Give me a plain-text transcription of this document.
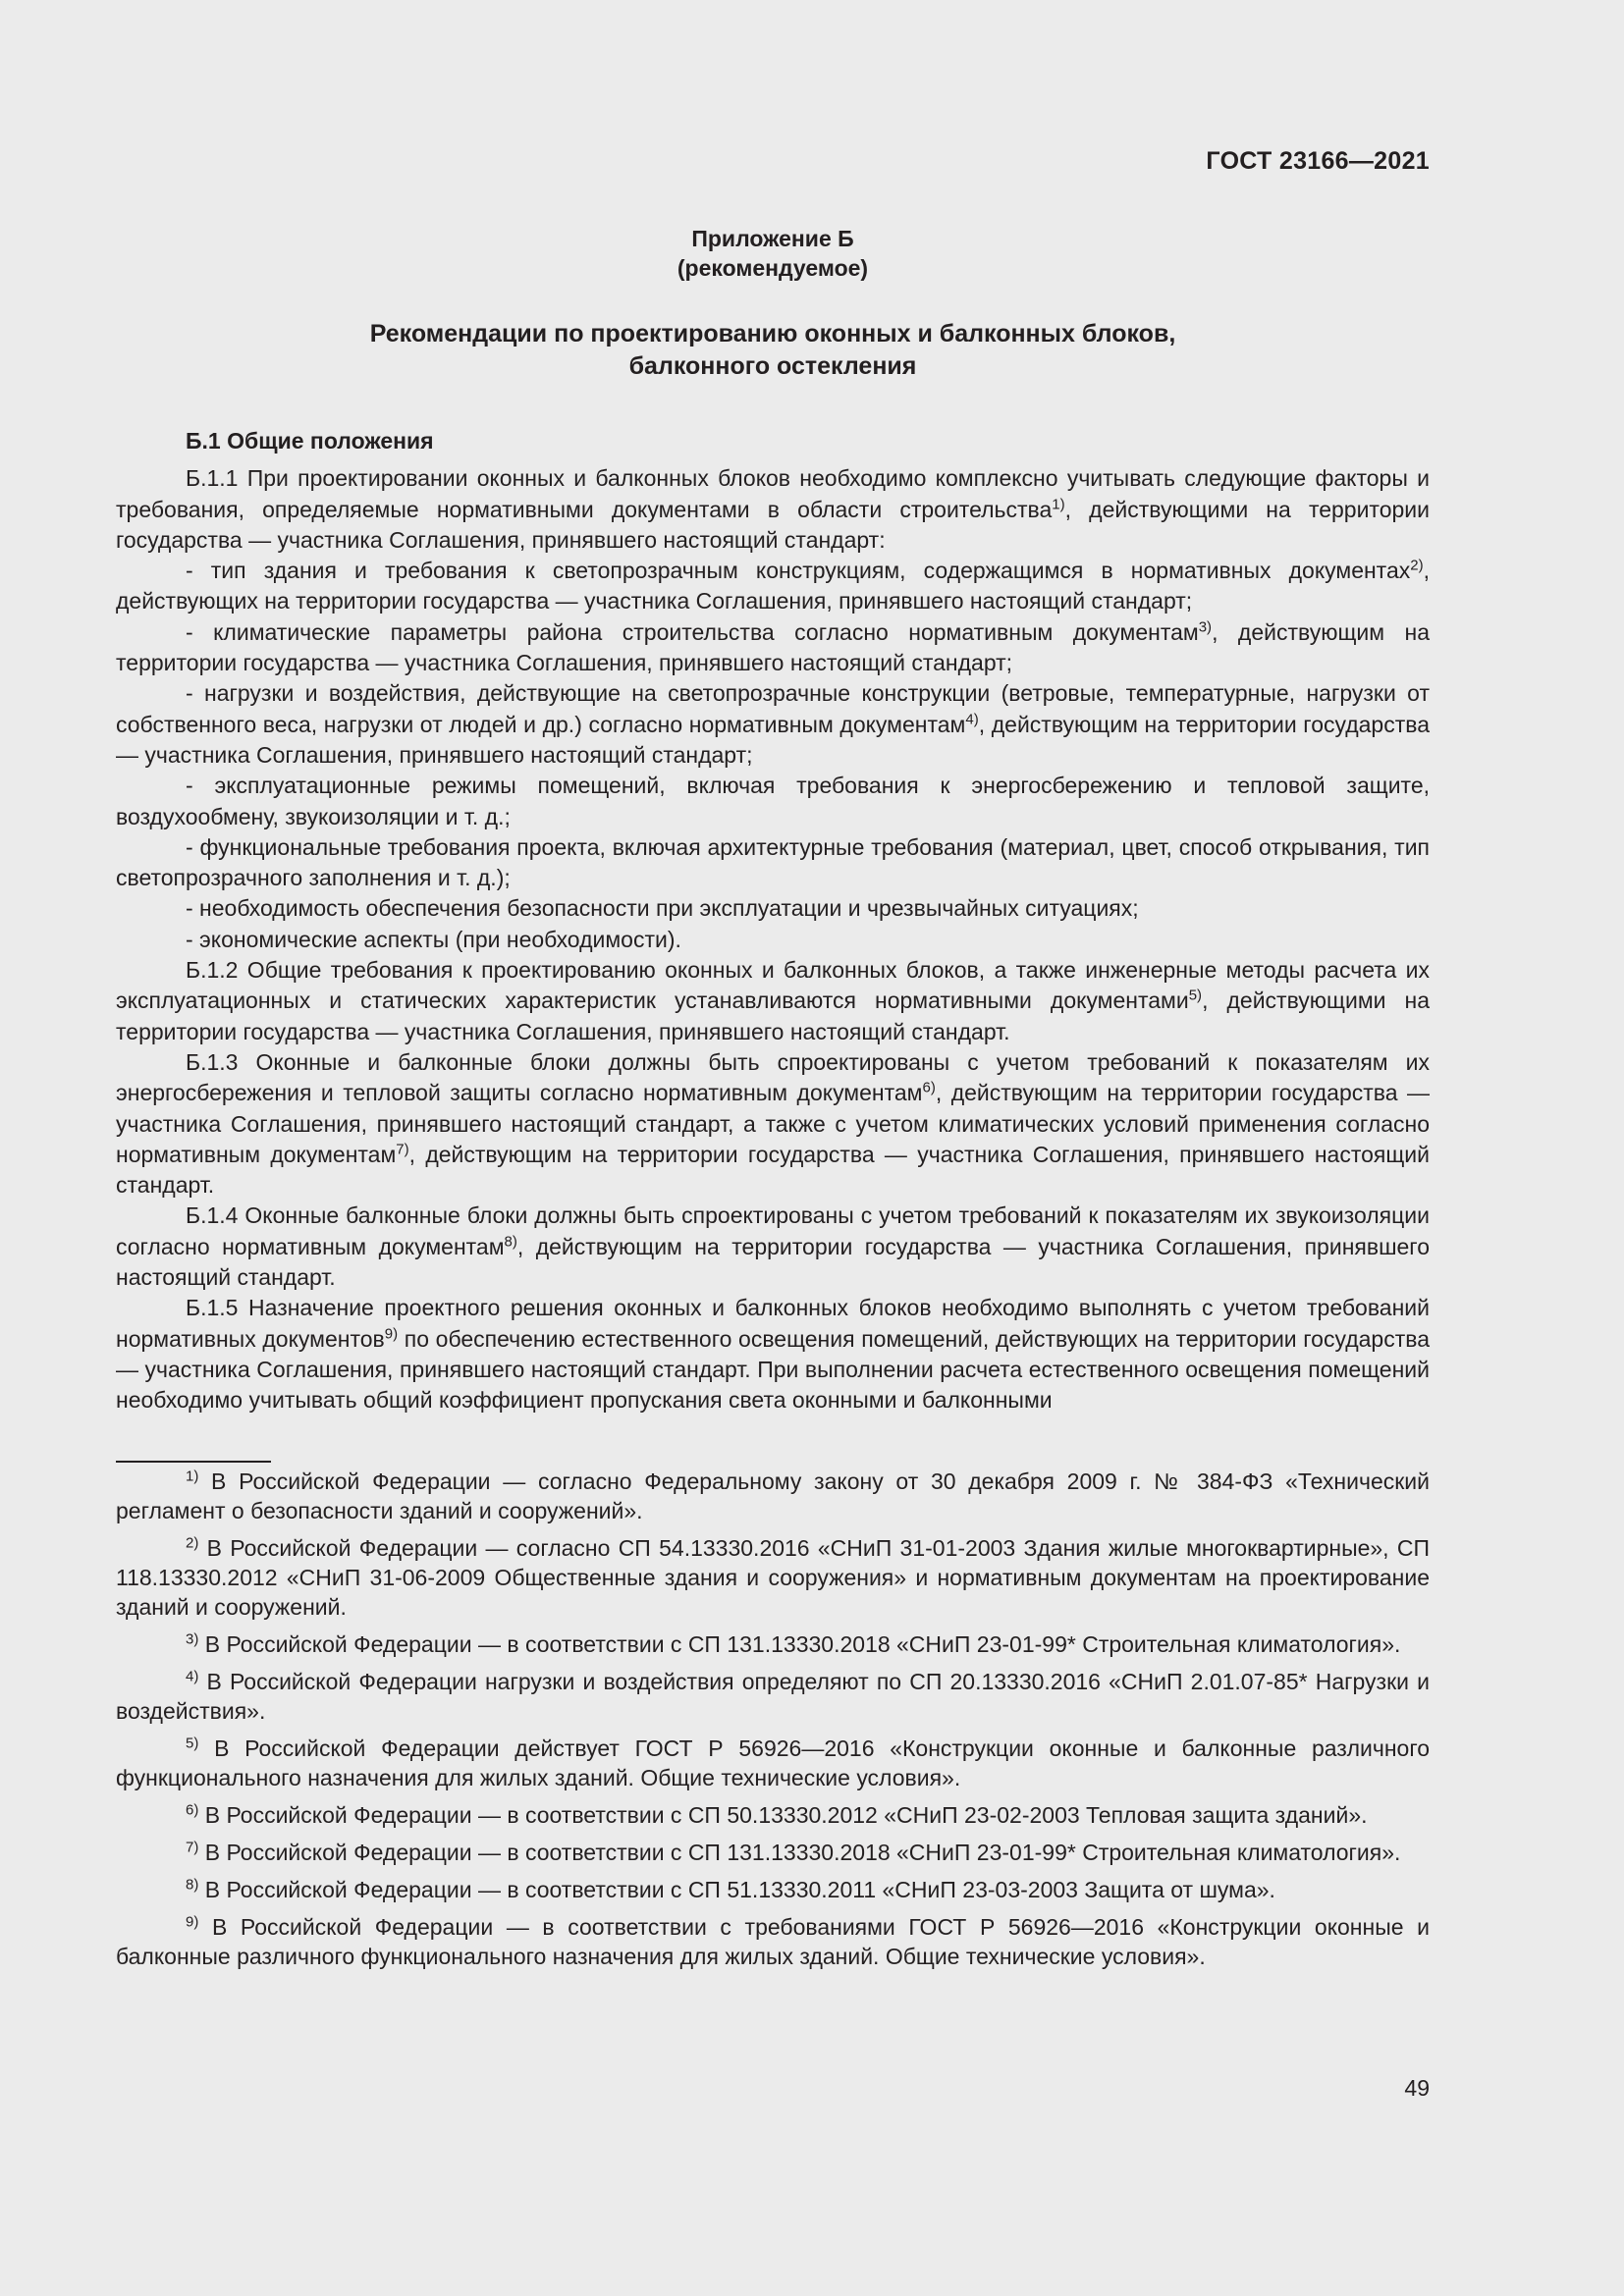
ГОСТ 23166—2021
Приложение Б
(рекомендуемое)
Рекомендации по проектированию оконных и балконных блоков,
балконного остекления
Б.1 Общие положения

Б.1.1 При проектировании оконных и балконных блоков необходимо комплексно учитывать следующие факторы и требования, определяемые нормативными документами в области строительства$^{1)}$, действующими на территории государства — участника Соглашения, принявшего настоящий стандарт:

- тип здания и требования к светопрозрачным конструкциям, содержащимся в нормативных документах$^{2)}$, действующих на территории государства — участника Соглашения, принявшего настоящий стандарт;

- климатические параметры района строительства согласно нормативным документам$^{3)}$, действующим на территории государства — участника Соглашения, принявшего настоящий стандарт;

- нагрузки и воздействия, действующие на светопрозрачные конструкции (ветровые, температурные, нагрузки от собственного веса, нагрузки от людей и др.) согласно нормативным документам$^{4)}$, действующим на территории государства — участника Соглашения, принявшего настоящий стандарт;

- эксплуатационные режимы помещений, включая требования к энергосбережению и тепловой защите, воздухообмену, звукоизоляции и т. д.;

- функциональные требования проекта, включая архитектурные требования (материал, цвет, способ открывания, тип светопрозрачного заполнения и т. д.);

- необходимость обеспечения безопасности при эксплуатации и чрезвычайных ситуациях;

- экономические аспекты (при необходимости).

Б.1.2 Общие требования к проектированию оконных и балконных блоков, а также инженерные методы расчета их эксплуатационных и статических характеристик устанавливаются нормативными документами$^{5)}$, действующими на территории государства — участника Соглашения, принявшего настоящий стандарт.

Б.1.3 Оконные и балконные блоки должны быть спроектированы с учетом требований к показателям их энергосбережения и тепловой защиты согласно нормативным документам$^{6)}$, действующим на территории государства — участника Соглашения, принявшего настоящий стандарт, а также с учетом климатических условий применения согласно нормативным документам$^{7)}$, действующим на территории государства — участника Соглашения, принявшего настоящий стандарт.

Б.1.4 Оконные балконные блоки должны быть спроектированы с учетом требований к показателям их звукоизоляции согласно нормативным документам$^{8)}$, действующим на территории государства — участника Соглашения, принявшего настоящий стандарт.

Б.1.5 Назначение проектного решения оконных и балконных блоков необходимо выполнять с учетом требований нормативных документов$^{9)}$ по обеспечению естественного освещения помещений, действующих на территории государства — участника Соглашения, принявшего настоящий стандарт. При выполнении расчета естественного освещения помещений необходимо учитывать общий коэффициент пропускания света оконными и балконными

$^{1)}$ В Российской Федерации — согласно Федеральному закону от 30 декабря 2009 г. № 384-ФЗ «Технический регламент о безопасности зданий и сооружений».

$^{2)}$ В Российской Федерации — согласно СП 54.13330.2016 «СНиП 31-01-2003 Здания жилые многоквартирные», СП 118.13330.2012 «СНиП 31-06-2009 Общественные здания и сооружения» и нормативным документам на проектирование зданий и сооружений.

$^{3)}$ В Российской Федерации — в соответствии с СП 131.13330.2018 «СНиП 23-01-99* Строительная климатология».

$^{4)}$ В Российской Федерации нагрузки и воздействия определяют по СП 20.13330.2016 «СНиП 2.01.07-85* Нагрузки и воздействия».

$^{5)}$ В Российской Федерации действует ГОСТ Р 56926—2016 «Конструкции оконные и балконные различного функционального назначения для жилых зданий. Общие технические условия».

$^{6)}$ В Российской Федерации — в соответствии с СП 50.13330.2012 «СНиП 23-02-2003 Тепловая защита зданий».

$^{7)}$ В Российской Федерации — в соответствии с СП 131.13330.2018 «СНиП 23-01-99* Строительная климатология».

$^{8)}$ В Российской Федерации — в соответствии с СП 51.13330.2011 «СНиП 23-03-2003 Защита от шума».

$^{9)}$ В Российской Федерации — в соответствии с требованиями ГОСТ Р 56926—2016 «Конструкции оконные и балконные различного функционального назначения для жилых зданий. Общие технические условия».

49
